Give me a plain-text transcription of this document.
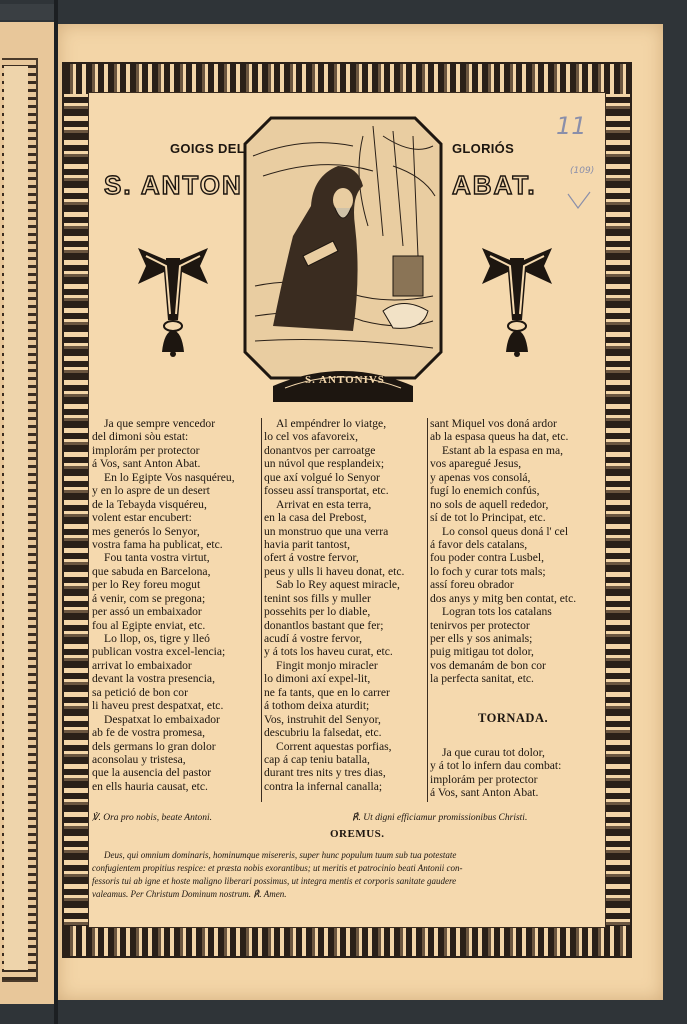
GOIGS DEL	GLORIÓS
S. ANTON	ABAT.
11
(109)
S. ANTONIVS
Ja que sempre vencedor
del dimoni sòu estat:
implorám per protector
á Vos, sant Anton Abat.
En lo Egipte Vos nasquéreu,
y en lo aspre de un desert
de la Tebayda visquéreu,
volent estar encubert:
mes generós lo Senyor,
vostra fama ha publicat, etc.
Fou tanta vostra virtut,
que sabuda en Barcelona,
per lo Rey foreu mogut
á venir, com se pregona;
per assó un embaixador
fou al Egipte enviat, etc.
Lo llop, os, tigre y lleó
publican vostra excel-lencia;
arrivat lo embaixador
devant la vostra presencia,
sa petició de bon cor
li haveu prest despatxat, etc.
Despatxat lo embaixador
ab fe de vostra promesa,
dels germans lo gran dolor
aconsolau y tristesa,
que la ausencia del pastor
en ells hauria causat, etc.
Al empéndrer lo viatge,
lo cel vos afavoreix,
donantvos per carroatge
un núvol que resplandeix;
que axí volgué lo Senyor
fosseu assí transportat, etc.
Arrivat en esta terra,
en la casa del Prebost,
un monstruo que una verra
havia parit tantost,
ofert á vostre fervor,
peus y ulls li haveu donat, etc.
Sab lo Rey aquest miracle,
tenint sos fills y muller
possehits per lo diable,
donantlos bastant que fer;
acudí á vostre fervor,
y á tots los haveu curat, etc.
Fingit monjo miracler
lo dimoni axí expel-lit,
ne fa tants, que en lo carrer
á tothom deixa aturdit;
Vos, instruhit del Senyor,
descubriu la falsedat, etc.
Corrent aquestas porfias,
cap á cap teniu batalla,
durant tres nits y tres dias,
contra la infernal canalla;
sant Miquel vos doná ardor
ab la espasa queus ha dat, etc.
Estant ab la espasa en ma,
vos aparegué Jesus,
y apenas vos consolá,
fugí lo enemich confús,
no sols de aquell rededor,
sí de tot lo Principat, etc.
Lo consol queus doná l' cel
á favor dels catalans,
fou poder contra Lusbel,
lo foch y curar tots mals;
assí foreu obrador
dos anys y mitg ben contat, etc.
Logran tots los catalans
tenirvos per protector
per ells y sos animals;
puig mitigau tot dolor,
vos demanám de bon cor
la perfecta sanitat, etc.
TORNADA.
Ja que curau tot dolor,
y á tot lo infern dau combat:
implorám per protector
á Vos, sant Anton Abat.
℣. Ora pro nobis, beate Antoni.	℟. Ut digni efficiamur promissionibus Christi.
OREMUS.
Deus, qui omnium dominaris, hominumque misereris, super hunc populum tuum sub tua potestate
confugientem propitius respice: et præsta nobis exorantibus; ut meritis et patrocinio beati Antonii con-
fessoris tui ab igne et hoste maligno liberari possimus, ut integra mentis et corporis sanitate gaudere
valeamus. Per Christum Dominum nostrum. ℟. Amen.
